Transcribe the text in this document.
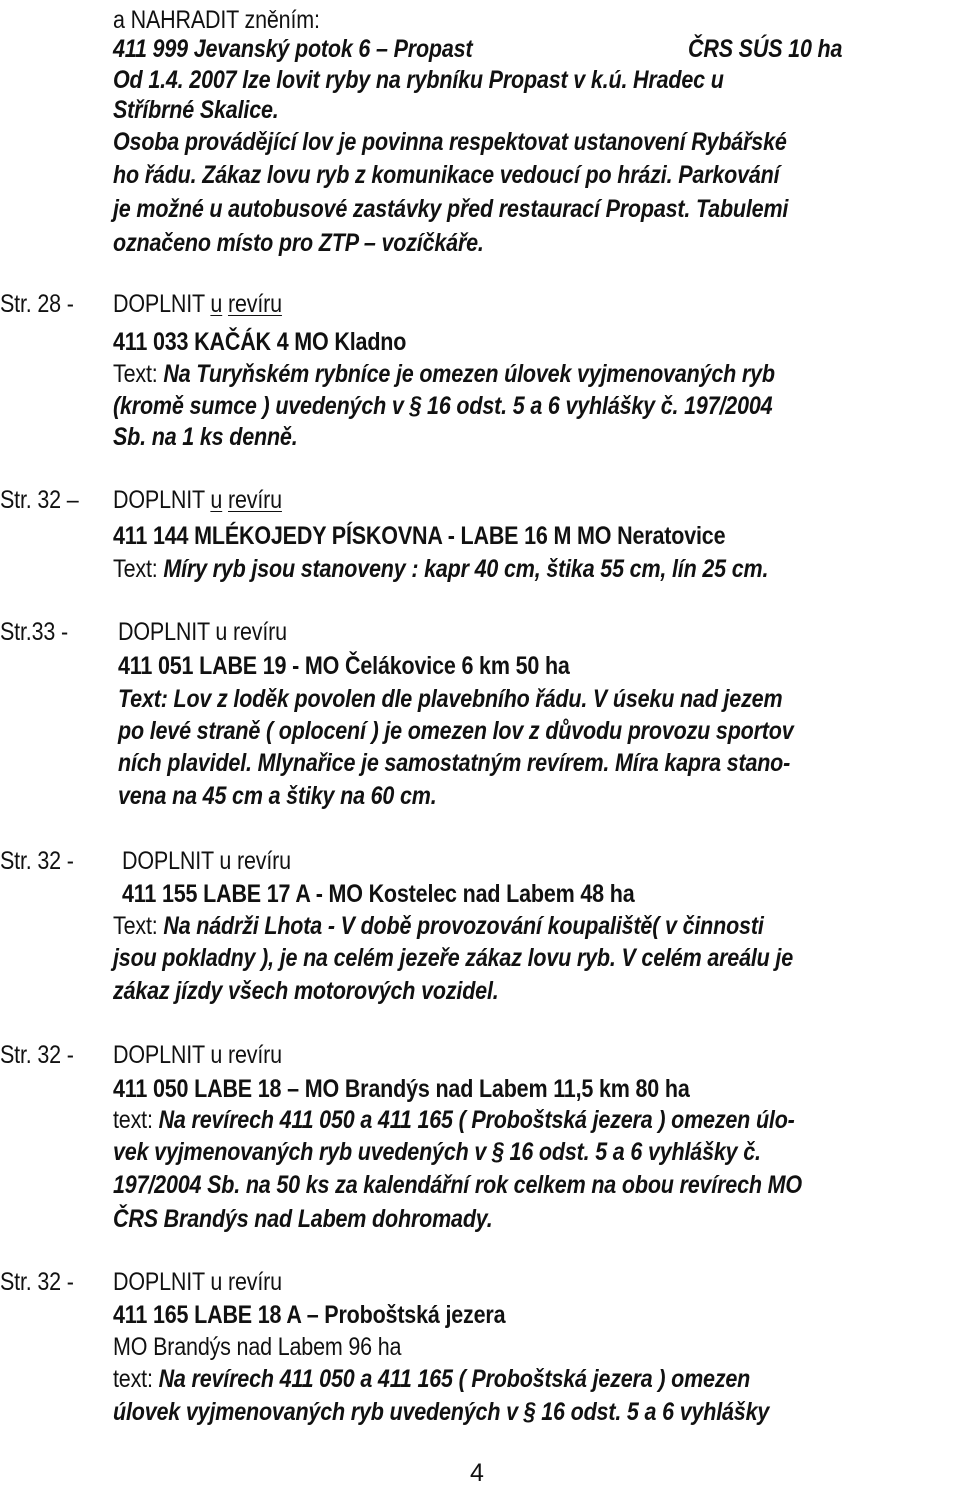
a NAHRADIT zněním:
411 999 Jevanský potok 6 – Propast	ČRS SÚS 10 ha
Od 1.4. 2007 lze lovit ryby na rybníku Propast v k.ú. Hradec u
Stříbrné Skalice.
Osoba provádějící lov je povinna respektovat ustanovení Rybářské
ho řádu. Zákaz lovu ryb z komunikace vedoucí po hrázi. Parkování
je možné u autobusové zastávky před restaurací Propast. Tabulemi
označeno místo pro ZTP – vozíčkáře.
Str. 28 - DOPLNIT u revíru
411 033 KAČÁK 4 MO Kladno
Text: Na Turyňském rybníce je omezen úlovek vyjmenovaných ryb
(kromě sumce ) uvedených v § 16 odst. 5 a 6 vyhlášky č. 197/2004
Sb. na 1 ks denně.
Str. 32 – DOPLNIT u revíru
411 144 MLÉKOJEDY PÍSKOVNA - LABE 16 M MO Neratovice
Text: Míry ryb jsou stanoveny : kapr 40 cm, štika 55 cm, lín 25 cm.
Str.33 - DOPLNIT u revíru
411 051 LABE 19 - MO Čelákovice 6 km 50 ha
Text: Lov z loděk povolen dle plavebního řádu. V úseku nad jezem
po levé straně ( oplocení ) je omezen lov z důvodu provozu sportov
ních plavidel. Mlynařice je samostatným revírem. Míra kapra stano-
vena na 45 cm a štiky na 60 cm.
Str. 32 - DOPLNIT u revíru
411 155 LABE 17 A - MO Kostelec nad Labem 48 ha
Text: Na nádrži Lhota - V době provozování koupaliště( v činnosti
jsou pokladny ), je na celém jezeře zákaz lovu ryb. V celém areálu je
zákaz jízdy všech motorových vozidel.
Str. 32 - DOPLNIT u revíru
411 050 LABE 18 – MO Brandýs nad Labem 11,5 km 80 ha
text: Na revírech 411 050 a 411 165 ( Proboštská jezera ) omezen úlo-
vek vyjmenovaných ryb uvedených v § 16 odst. 5 a 6 vyhlášky č.
197/2004 Sb. na 50 ks za kalendářní rok celkem na obou revírech MO
ČRS Brandýs nad Labem dohromady.
Str. 32 - DOPLNIT u revíru
411 165 LABE 18 A – Proboštská jezera
MO Brandýs nad Labem 96 ha
text: Na revírech 411 050 a 411 165 ( Proboštská jezera ) omezen
úlovek vyjmenovaných ryb uvedených v § 16 odst. 5 a 6 vyhlášky
4
